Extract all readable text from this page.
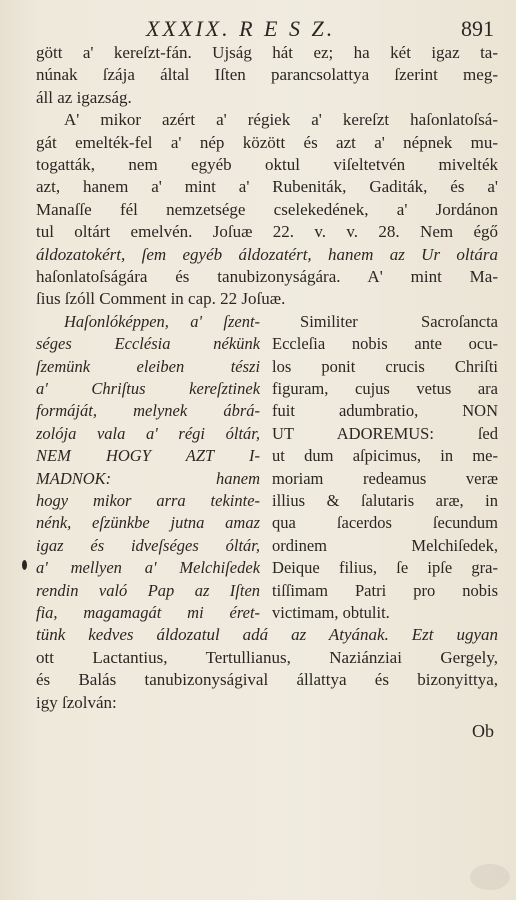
XXXIX. R E S Z.	891
gött a' kereſzt-fán. Ujság hát ez; ha két igaz ta-
núnak ſzája által Iſten parancsolattya ſzerint meg-
áll az igazság.
A' mikor azért a' régiek a' kereſzt haſonlatoſsá-
gát emelték-fel a' nép között és azt a' népnek mu-
togatták, nem egyéb oktul viſeltetvén mivelték
azt, hanem a' mint a' Rubeniták, Gaditák, és a'
Manaſſe fél nemzetsége cselekedének, a' Jordánon
tul oltárt emelvén. Joſuæ 22. v. v. 28. Nem égő
áldozatokért, ſem egyéb áldozatért, hanem az Ur oltára
haſonlatoſságára és tanubizonyságára. A' mint Ma-
ſius ſzóll Comment in cap. 22 Joſuæ.
Haſonlóképpen, a' ſzent-
séges Ecclésia nékünk
ſzemünk eleiben tészi
a' Chriſtus kereſztinek
formáját, melynek ábrá-
zolója vala a' régi óltár,
NEM HOGY AZT I-
MADNOK: hanem
hogy mikor arra tekinte-
nénk, eſzünkbe jutna amaz
igaz és idveſséges óltár,
a' mellyen a' Melchiſedek
rendin való Pap az Iſten
fia, magamagát mi éret-
Similiter Sacroſancta
Eccleſia nobis ante ocu-
los ponit crucis Chriſti
figuram, cujus vetus ara
fuit adumbratio, NON
UT ADOREMUS: ſed
ut dum aſpicimus, in me-
moriam redeamus veræ
illius & ſalutaris aræ, in
qua ſacerdos ſecundum
ordinem Melchiſedek,
Deique filius, ſe ipſe gra-
tiſſimam Patri pro nobis
victimam, obtulit.
tünk kedves áldozatul adá az Atyának. Ezt ugyan
ott Lactantius, Tertullianus, Naziánziai Gergely,
és Balás tanubizonyságival állattya és bizonyittya,
igy ſzolván:
Ob
